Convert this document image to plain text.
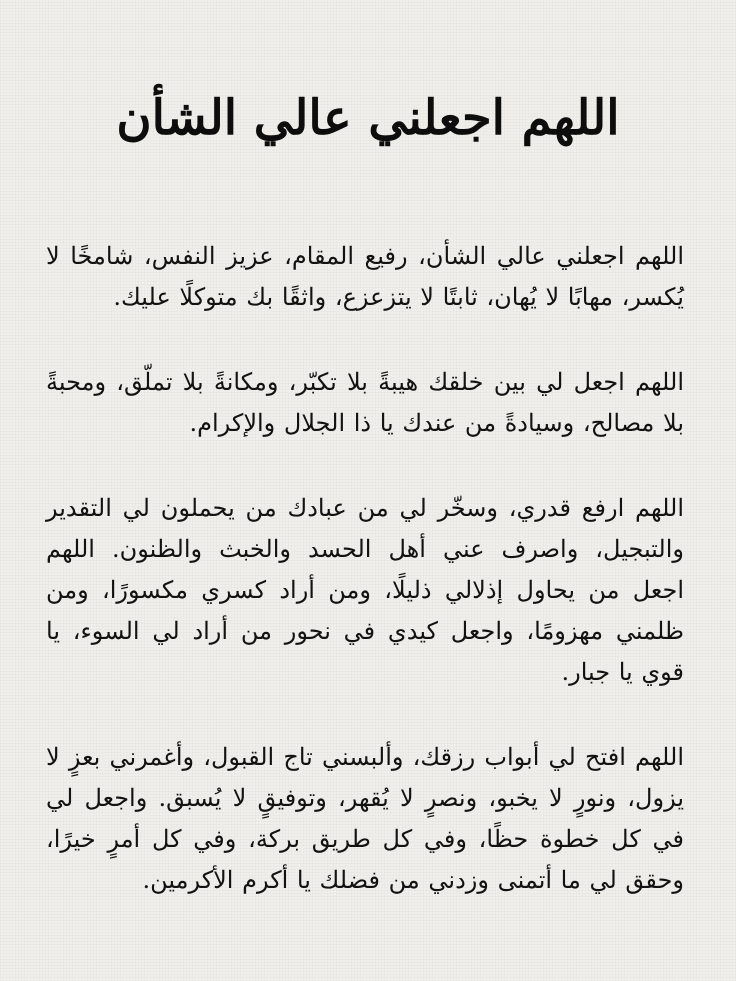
اللهم اجعلني عالي الشأن

اللهم اجعلني عالي الشأن، رفيع المقام، عزيز النفس، شامخًا لا يُكسر، مهابًا لا يُهان، ثابتًا لا يتزعزع، واثقًا بك متوكلًا عليك.

اللهم اجعل لي بين خلقك هيبةً بلا تكبّر، ومكانةً بلا تملّق، ومحبةً بلا مصالح، وسيادةً من عندك يا ذا الجلال والإكرام.

اللهم ارفع قدري، وسخّر لي من عبادك من يحملون لي التقدير والتبجيل، واصرف عني أهل الحسد والخبث والظنون. اللهم اجعل من يحاول إذلالي ذليلًا، ومن أراد كسري مكسورًا، ومن ظلمني مهزومًا، واجعل كيدي في نحور من أراد لي السوء، يا قوي يا جبار.

اللهم افتح لي أبواب رزقك، وألبسني تاج القبول، وأغمرني بعزٍ لا يزول، ونورٍ لا يخبو، ونصرٍ لا يُقهر، وتوفيقٍ لا يُسبق. واجعل لي في كل خطوة حظًا، وفي كل طريق بركة، وفي كل أمرٍ خيرًا، وحقق لي ما أتمنى وزدني من فضلك يا أكرم الأكرمين.
